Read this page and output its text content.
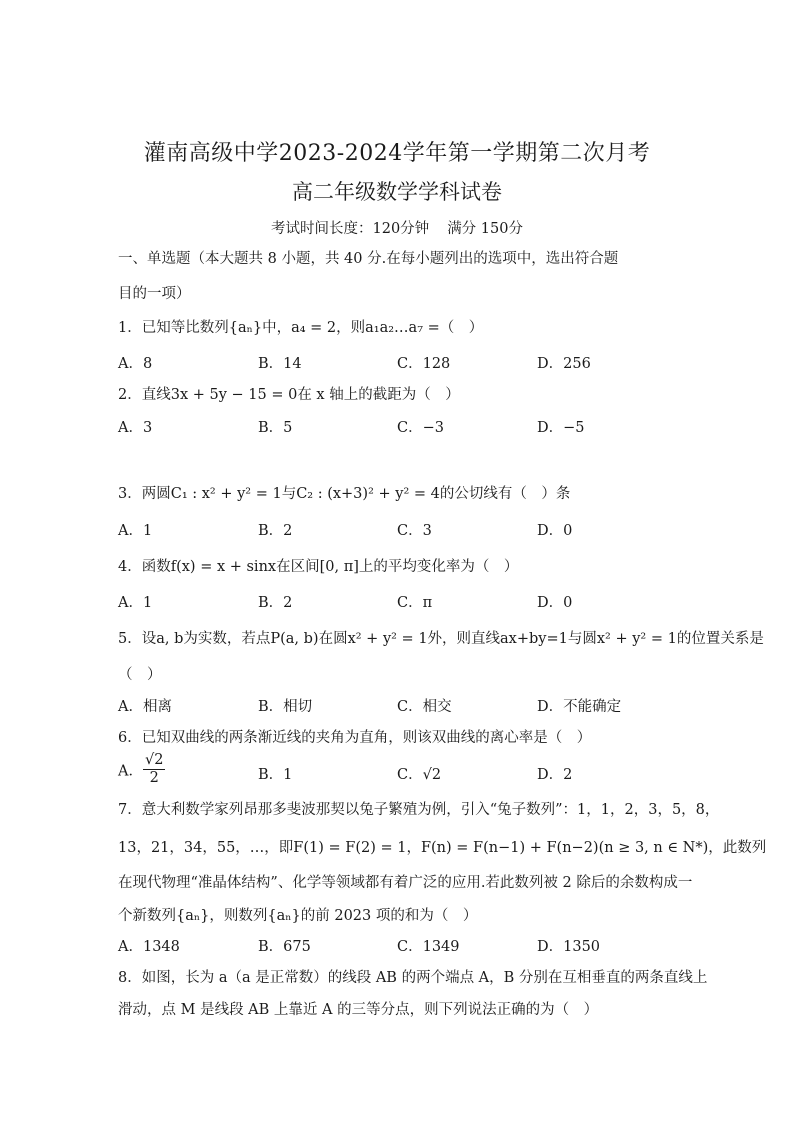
灌南高级中学2023-2024学年第一学期第二次月考
高二年级数学学科试卷
考试时间长度：120分钟 满分 150分
一、单选题（本大题共 8 小题，共 40 分.在每小题列出的选项中，选出符合题
目的一项）
1．已知等比数列{aₙ}中，a₄ = 2，则a₁a₂…a₇ =（　）
A．8	B．14	C．128	D．256
2．直线3x + 5y − 15 = 0在 x 轴上的截距为（　）
A．3	B．5	C．−3	D．−5
3．两圆C₁ : x² + y² = 1与C₂ : (x+3)² + y² = 4的公切线有（　）条
A．1	B．2	C．3	D．0
4．函数f(x) = x + sinx在区间[0, π]上的平均变化率为（　）
A．1	B．2	C．π	D．0
5．设a, b为实数，若点P(a, b)在圆x² + y² = 1外，则直线ax+by=1与圆x² + y² = 1的位置关系是
（　）
A．相离	B．相切	C．相交	D．不能确定
6．已知双曲线的两条渐近线的夹角为直角，则该双曲线的离心率是（　）
A． $\frac{√2}{2}$	B．1	C．√2	D．2
7．意大利数学家列昂那多斐波那契以兔子繁殖为例，引入“兔子数列”：1，1，2，3，5，8，
13，21，34，55，…，即F(1) = F(2) = 1，F(n) = F(n−1) + F(n−2)(n ≥ 3, n ∈ N*)，此数列
在现代物理“准晶体结构”、化学等领域都有着广泛的应用.若此数列被 2 除后的余数构成一
个新数列{aₙ}，则数列{aₙ}的前 2023 项的和为（　）
A．1348	B．675	C．1349	D．1350
8．如图，长为 a（a 是正常数）的线段 AB 的两个端点 A，B 分别在互相垂直的两条直线上
滑动，点 M 是线段 AB 上靠近 A 的三等分点，则下列说法正确的为（　）
